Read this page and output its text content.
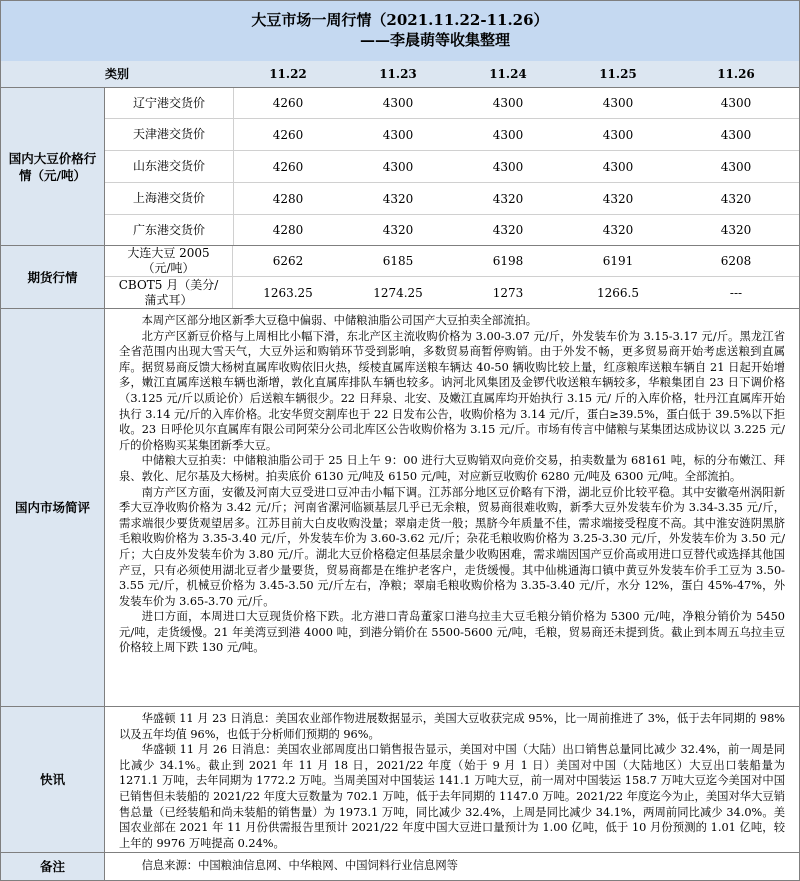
大豆市场一周行情（2021.11.22-11.26）
——李晨萌等收集整理
类别	11.22	11.23	11.24	11.25	11.26
国内大豆价格行情（元/吨）
辽宁港交货价	4260	4300	4300	4300	4300
天津港交货价	4260	4300	4300	4300	4300
山东港交货价	4260	4300	4300	4300	4300
上海港交货价	4280	4320	4320	4320	4320
广东港交货价	4280	4320	4320	4320	4320
期货行情
大连大豆 2005（元/吨）	6262	6185	6198	6191	6208
CBOT5 月（美分/蒲式耳）	1263.25	1274.25	1273	1266.5	---
国内市场简评

本周产区部分地区新季大豆稳中偏弱、中储粮油脂公司国产大豆拍卖全部流拍。

北方产区新豆价格与上周相比小幅下滑，东北产区主流收购价格为 3.00-3.07 元/斤，外发装车价为 3.15-3.17 元/斤。黑龙江省全省范围内出现大雪天气，大豆外运和购销环节受到影响，多数贸易商暂停购销。由于外发不畅，更多贸易商开始考虑送粮到直属库。据贸易商反馈大杨树直属库收购依旧火热，绥棱直属库送粮车辆达 40-50 辆收购比较上量，红彦粮库送粮车辆自 21 日起开始增多，嫩江直属库送粮车辆也渐增，敦化直属库排队车辆也较多。讷河北风集团及金锣代收送粮车辆较多，华粮集团自 23 日下调价格（3.125 元/斤以质论价）后送粮车辆很少。22 日拜泉、北安、及嫩江直属库均开始执行 3.15 元/ 斤的入库价格，牡丹江直属库开始执行 3.14 元/斤的入库价格。北安华贸交割库也于 22 日发布公告，收购价格为 3.14 元/斤，蛋白≥39.5%，蛋白低于 39.5%以下拒收。23 日呼伦贝尔直属库有限公司阿荣分公司北库区公告收购价格为 3.15 元/斤。市场有传言中储粮与某集团达成协议以 3.225 元/斤的价格购买某集团新季大豆。

中储粮大豆拍卖：中储粮油脂公司于 25 日上午 9：00 进行大豆购销双向竞价交易，拍卖数量为 68161 吨，标的分布嫩江、拜泉、敦化、尼尔基及大杨树。拍卖底价 6130 元/吨及 6150 元/吨，对应新豆收购价 6280 元/吨及 6300 元/吨。全部流拍。

南方产区方面，安徽及河南大豆受进口豆冲击小幅下调。江苏部分地区豆价略有下滑，湖北豆价比较平稳。其中安徽亳州涡阳新季大豆净收购价格为 3.42 元/斤；河南省漯河临颍基层几乎已无余粮，贸易商很难收购，新季大豆外发装车价为 3.34-3.35 元/斤，需求端很少要货观望居多。江苏目前大白皮收购没量；翠扇走货一般；黑脐今年质量不佳，需求端接受程度不高。其中淮安涟阴黑脐毛粮收购价格为 3.35-3.40 元/斤，外发装车价为 3.60-3.62 元/斤；杂花毛粮收购价格为 3.25-3.30 元/斤，外发装车价为 3.50 元/斤；大白皮外发装车价为 3.80 元/斤。湖北大豆价格稳定但基层余量少收购困难，需求端因国产豆价高或用进口豆替代或选择其他国产豆，只有必须使用湖北豆者少量要货，贸易商都是在维护老客户，走货缓慢。其中仙桃通海口镇中黄豆外发装车价手工豆为 3.50-3.55 元/斤，机械豆价格为 3.45-3.50 元/斤左右，净粮；翠扇毛粮收购价格为 3.35-3.40 元/斤，水分 12%，蛋白 45%-47%，外发装车价为 3.65-3.70 元/斤。

进口方面，本周进口大豆现货价格下跌。北方港口青岛董家口港乌拉圭大豆毛粮分销价格为 5300 元/吨，净粮分销价为 5450 元/吨，走货缓慢。21 年美湾豆到港 4000 吨，到港分销价在 5500-5600 元/吨，毛粮，贸易商还未提到货。截止到本周五乌拉圭豆价格较上周下跌 130 元/吨。

快讯

华盛顿 11 月 23 日消息：美国农业部作物进展数据显示，美国大豆收获完成 95%，比一周前推进了 3%，低于去年同期的 98%以及五年均值 96%，也低于分析师们预期的 96%。

华盛顿 11 月 26 日消息：美国农业部周度出口销售报告显示，美国对中国（大陆）出口销售总量同比减少 32.4%，前一周是同比减少 34.1%。截止到 2021 年 11 月 18 日，2021/22 年度（始于 9 月 1 日）美国对中国（大陆地区）大豆出口装船量为 1271.1 万吨，去年同期为 1772.2 万吨。当周美国对中国装运 141.1 万吨大豆，前一周对中国装运 158.7 万吨大豆迄今美国对中国已销售但未装船的 2021/22 年度大豆数量为 702.1 万吨，低于去年同期的 1147.0 万吨。2021/22 年度迄今为止，美国对华大豆销售总量（已经装船和尚未装船的销售量）为 1973.1 万吨，同比减少 32.4%，上周是同比减少 34.1%，两周前同比减少 34.0%。美国农业部在 2021 年 11 月份供需报告里预计 2021/22 年度中国大豆进口量预计为 1.00 亿吨，低于 10 月份预测的 1.01 亿吨，较上年的 9976 万吨提高 0.24%。

备注	信息来源：中国粮油信息网、中华粮网、中国饲料行业信息网等
